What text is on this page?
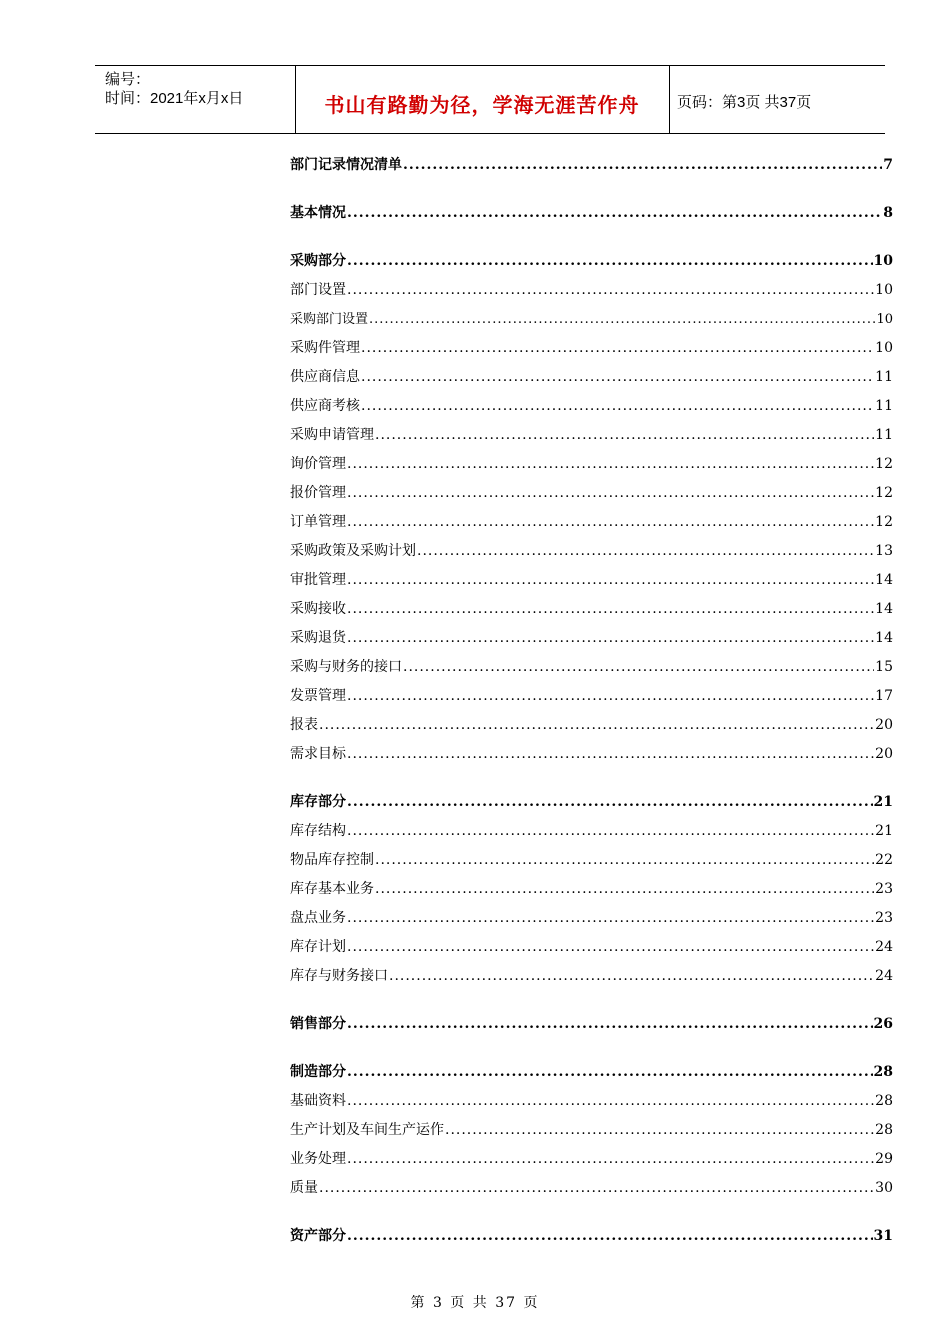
编号：
时间：2021年x月x日	书山有路勤为径，学海无涯苦作舟	页码：第3页 共37页
部门记录情况清单 .....	7
基本情况 .....	8
采购部分 .....	10
部门设置 .....	10
采购部门设置 .....	10
采购件管理 .....	10
供应商信息 .....	11
供应商考核 .....	11
采购申请管理 .....	11
询价管理 .....	12
报价管理 .....	12
订单管理 .....	12
采购政策及采购计划 .....	13
审批管理 .....	14
采购接收 .....	14
采购退货 .....	14
采购与财务的接口 .....	15
发票管理 .....	17
报表 .....	20
需求目标 .....	20
库存部分 .....	21
库存结构 .....	21
物品库存控制 .....	22
库存基本业务 .....	23
盘点业务 .....	23
库存计划 .....	24
库存与财务接口 .....	24
销售部分 .....	26
制造部分 .....	28
基础资料 .....	28
生产计划及车间生产运作 .....	28
业务处理 .....	29
质量 .....	30
资产部分 .....	31
第 3 页 共 37 页
